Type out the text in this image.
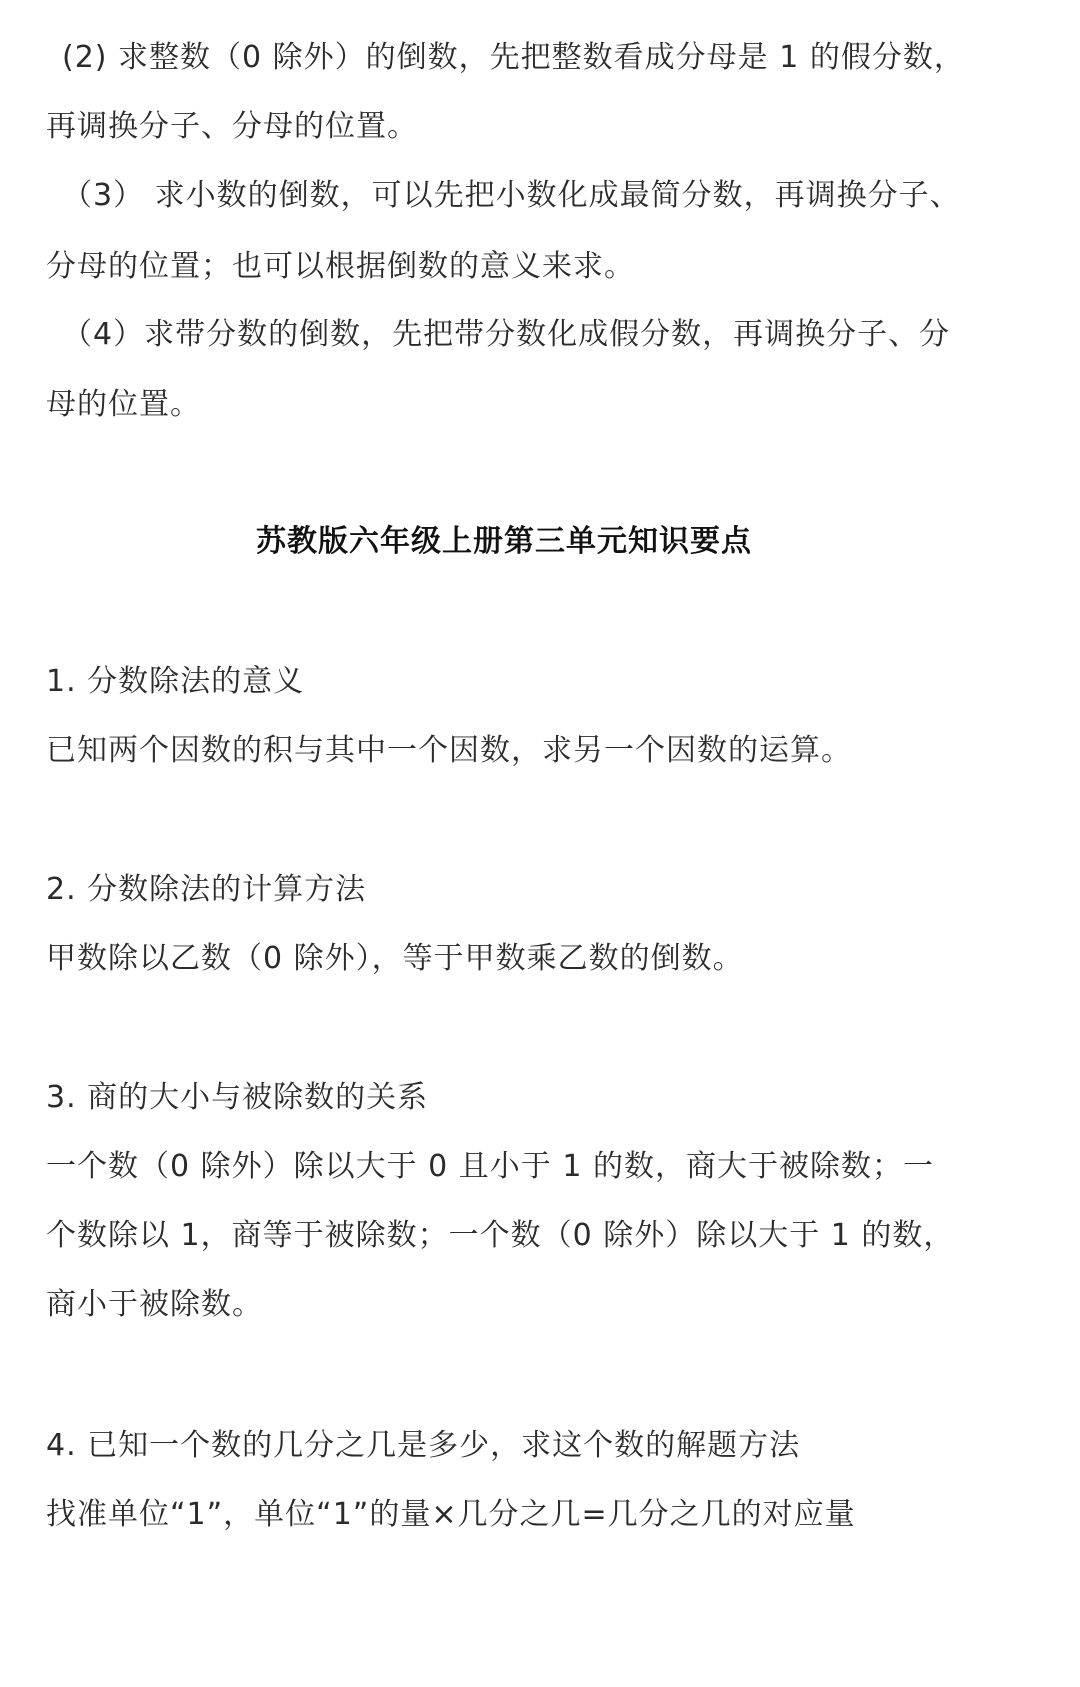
(2) 求整数（0 除外）的倒数，先把整数看成分母是 1 的假分数，
再调换分子、分母的位置。
（3） 求小数的倒数，可以先把小数化成最简分数，再调换分子、
分母的位置；也可以根据倒数的意义来求。
（4）求带分数的倒数，先把带分数化成假分数，再调换分子、分
母的位置。
苏教版六年级上册第三单元知识要点
1. 分数除法的意义
已知两个因数的积与其中一个因数，求另一个因数的运算。
2. 分数除法的计算方法
甲数除以乙数（0 除外），等于甲数乘乙数的倒数。
3. 商的大小与被除数的关系
一个数（0 除外）除以大于 0 且小于 1 的数，商大于被除数；一
个数除以 1，商等于被除数；一个数（0 除外）除以大于 1 的数，
商小于被除数。
4. 已知一个数的几分之几是多少，求这个数的解题方法
找准单位“1”，单位“1”的量×几分之几=几分之几的对应量
